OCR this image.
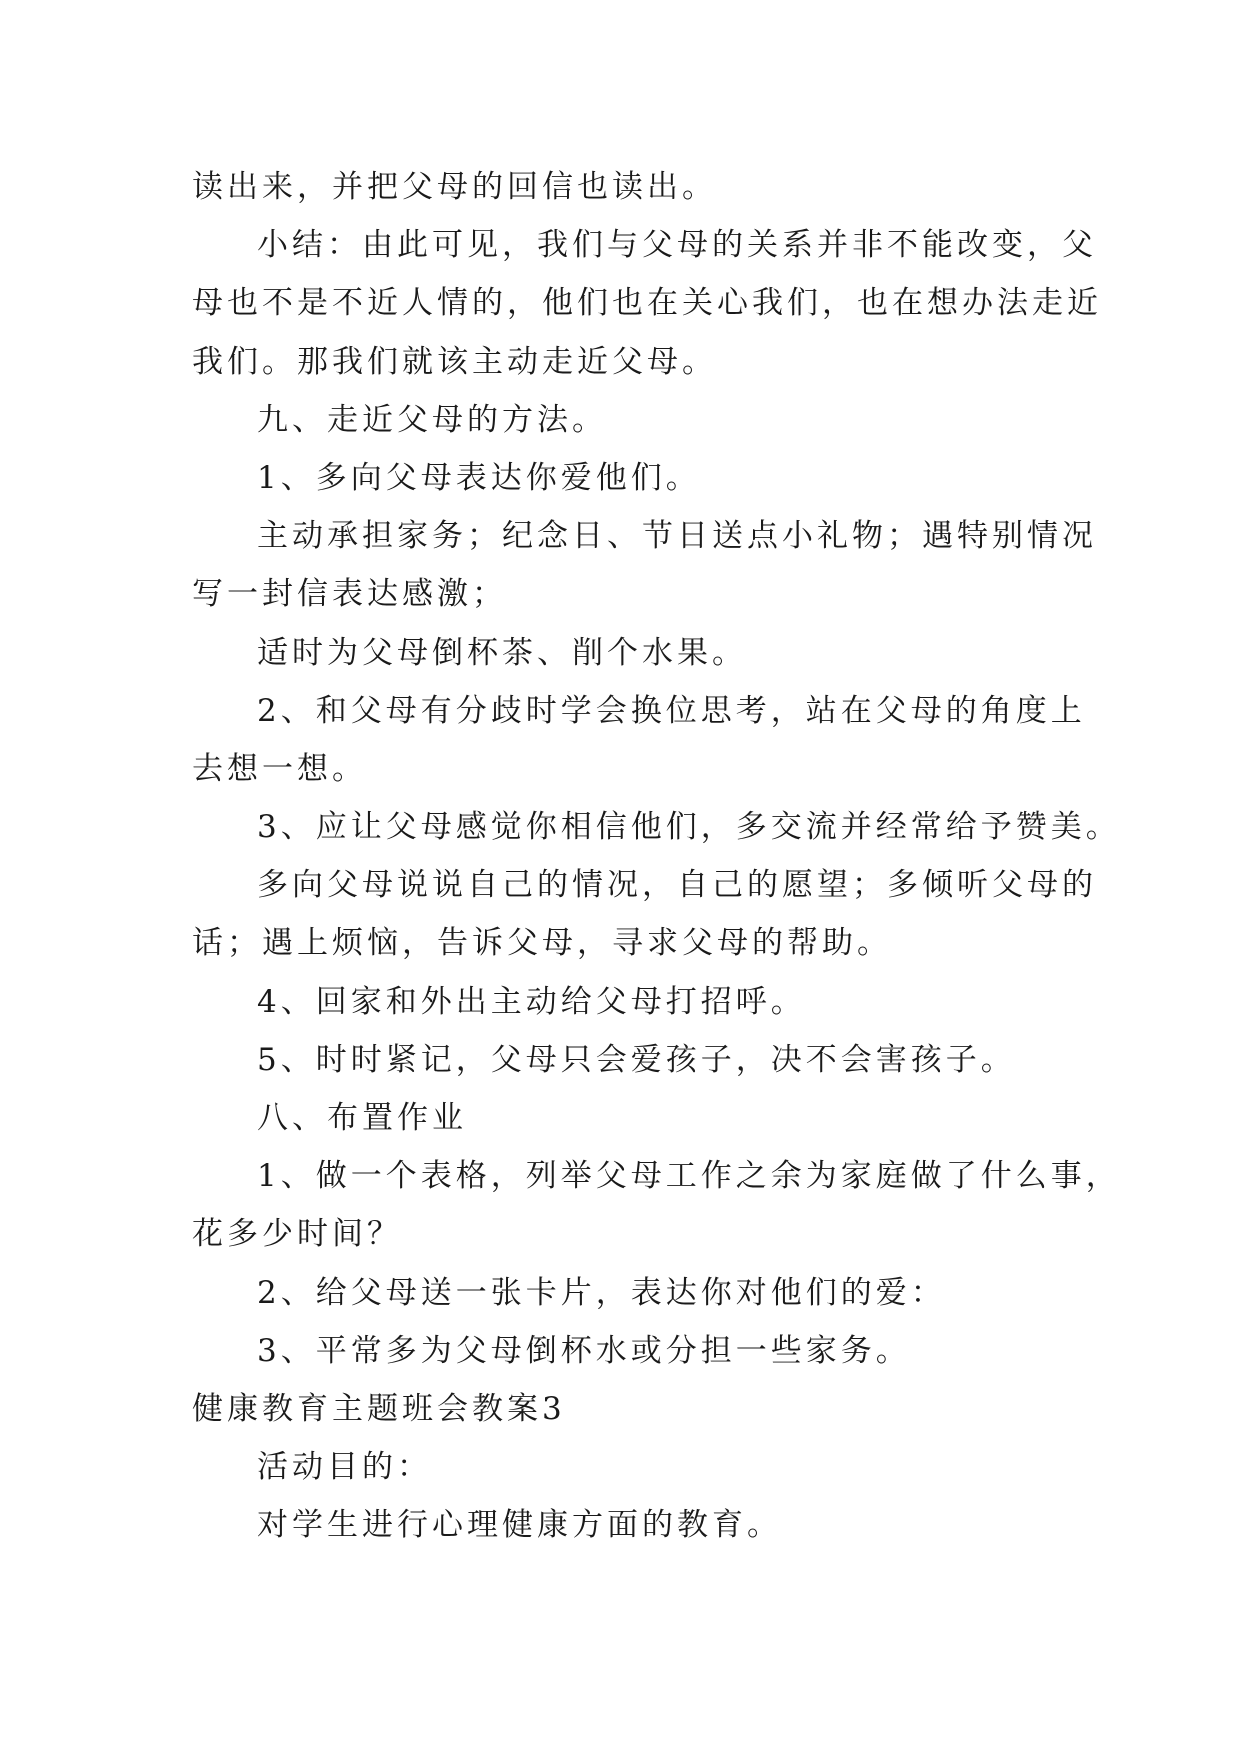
读出来，并把父母的回信也读出。
小结：由此可见，我们与父母的关系并非不能改变，父
母也不是不近人情的，他们也在关心我们，也在想办法走近
我们。那我们就该主动走近父母。
九、走近父母的方法。
1、多向父母表达你爱他们。
主动承担家务；纪念日、节日送点小礼物；遇特别情况
写一封信表达感激；
适时为父母倒杯茶、削个水果。
2、和父母有分歧时学会换位思考，站在父母的角度上
去想一想。
3、应让父母感觉你相信他们，多交流并经常给予赞美。
多向父母说说自己的情况，自己的愿望；多倾听父母的
话；遇上烦恼，告诉父母，寻求父母的帮助。
4、回家和外出主动给父母打招呼。
5、时时紧记，父母只会爱孩子，决不会害孩子。
八、布置作业
1、做一个表格，列举父母工作之余为家庭做了什么事，
花多少时间？
2、给父母送一张卡片，表达你对他们的爱：
3、平常多为父母倒杯水或分担一些家务。
健康教育主题班会教案3
活动目的：
对学生进行心理健康方面的教育。
